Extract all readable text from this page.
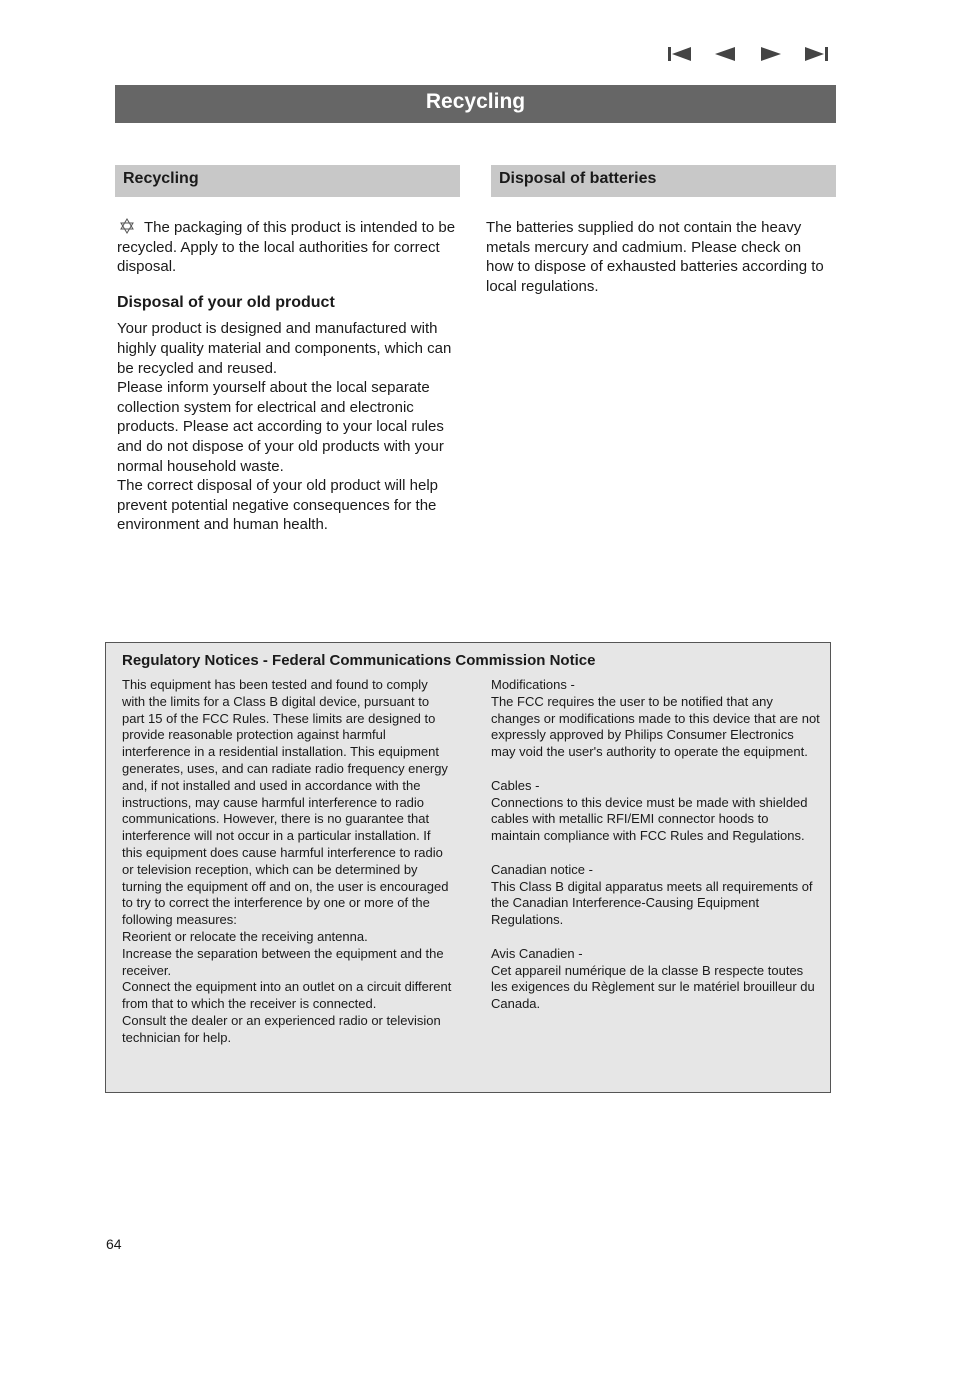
Recycling
Recycling	Disposal of batteries

The packaging of this product is intended to be recycled. Apply to the local authorities for correct disposal.

Disposal of your old product

Your product is designed and manufactured with highly quality material and components, which can be recycled and reused.

Please inform yourself about the local separate collection system for electrical and electronic products. Please act according to your local rules and do not dispose of your old products with your normal household waste.

The correct disposal of your old product will help prevent potential negative consequences for the environment and human health.

The batteries supplied do not contain the heavy metals mercury and cadmium. Please check on how to dispose of exhausted batteries according to local regulations.

Regulatory Notices - Federal Communications Commission Notice

This equipment has been tested and found to comply with the limits for a Class B digital device, pursuant to part 15 of the FCC Rules. These limits are designed to provide reasonable protection against harmful interference in a residential installation. This equipment generates, uses, and can radiate radio frequency energy and, if not installed and used in accordance with the instructions, may cause harmful interference to radio communications. However, there is no guarantee that interference will not occur in a particular installation. If this equipment does cause harmful interference to radio or television reception, which can be determined by turning the equipment off and on, the user is encouraged to try to correct the interference by one or more of the following measures:

Reorient or relocate the receiving antenna.

Increase the separation between the equipment and the receiver.

Connect the equipment into an outlet on a circuit different from that to which the receiver is connected.

Consult the dealer or an experienced radio or television technician for help.

Modifications -

The FCC requires the user to be notified that any changes or modifications made to this device that are not expressly approved by Philips Consumer Electronics may void the user's authority to operate the equipment.

Cables -

Connections to this device must be made with shielded cables with metallic RFI/EMI connector hoods to maintain compliance with FCC Rules and Regulations.

Canadian notice -

This Class B digital apparatus meets all requirements of the Canadian Interference-Causing Equipment Regulations.

Avis Canadien -

Cet appareil numérique de la classe B respecte toutes les exigences du Règlement sur le matériel brouilleur du Canada.

64
